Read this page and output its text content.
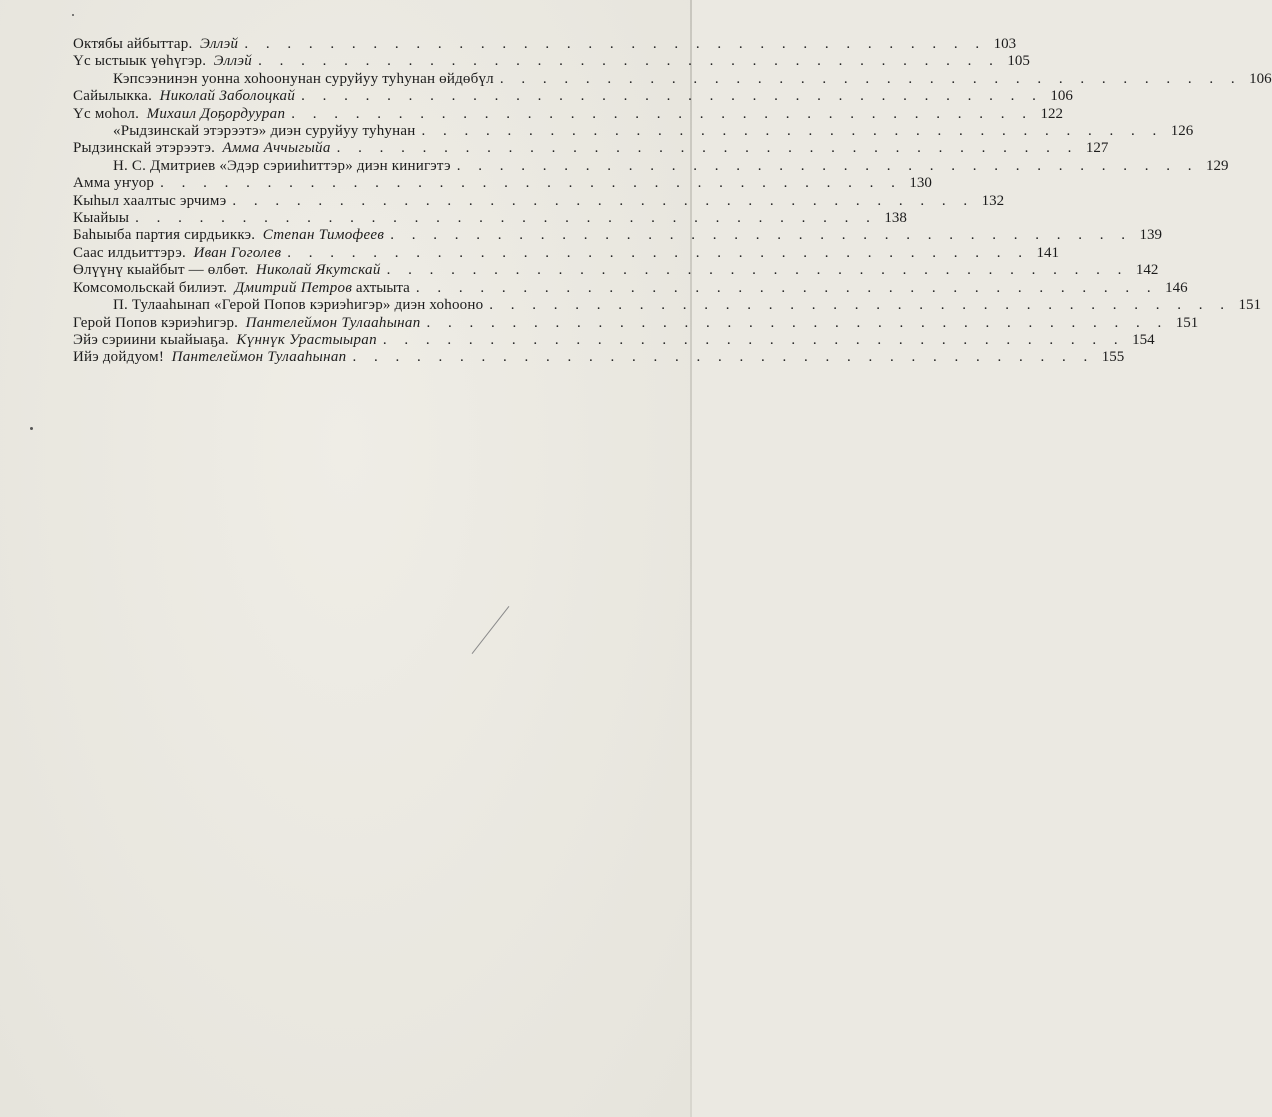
Октябы айбыттар. Эллэй . . . . . . . . . . . . . . . . . . . . . . . . . . . . . . . . . . . 103
Үс ыстыык үөһүгэр. Эллэй . . . . . . . . . . . . . . . . . . . . . . . . . . . . . . . . . . . 105
Кэпсээнинэн уонна хоһоонунан суруйуу туһунан өйдөбүл . . . . . . . . . . . . . . . . . . . . . . . . . . . . . . . . . . . 106
Сайылыкка. Николай Заболоцкай . . . . . . . . . . . . . . . . . . . . . . . . . . . . . . . . . . . 106
Үс моһол. Михаил Доҕордуурап . . . . . . . . . . . . . . . . . . . . . . . . . . . . . . . . . . . 122
«Рыдзинскай этэрээтэ» диэн суруйуу туһунан . . . . . . . . . . . . . . . . . . . . . . . . . . . . . . . . . . . 126
Рыдзинскай этэрээтэ. Амма Аччыгыйа . . . . . . . . . . . . . . . . . . . . . . . . . . . . . . . . . . . 127
Н. С. Дмитриев «Эдэр сэрииһиттэр» диэн кинигэтэ . . . . . . . . . . . . . . . . . . . . . . . . . . . . . . . . . . . 129
Амма уҥуор . . . . . . . . . . . . . . . . . . . . . . . . . . . . . . . . . . . 130
Кыһыл хаалтыс эрчимэ . . . . . . . . . . . . . . . . . . . . . . . . . . . . . . . . . . . 132
Кыайыы . . . . . . . . . . . . . . . . . . . . . . . . . . . . . . . . . . . 138
Баһыыба партия сирдьиккэ. Степан Тимофеев . . . . . . . . . . . . . . . . . . . . . . . . . . . . . . . . . . . 139
Саас илдьиттэрэ. Иван Гоголев . . . . . . . . . . . . . . . . . . . . . . . . . . . . . . . . . . . 141
Өлүүнү кыайбыт — өлбөт. Николай Якутскай . . . . . . . . . . . . . . . . . . . . . . . . . . . . . . . . . . . 142
Комсомольскай билиэт. Дмитрий Петров ахтыыта . . . . . . . . . . . . . . . . . . . . . . . . . . . . . . . . . . . 146
П. Тулааһынап «Герой Попов кэриэһигэр» диэн хоһооно . . . . . . . . . . . . . . . . . . . . . . . . . . . . . . . . . . . 151
Герой Попов кэриэһигэр. Пантелеймон Тулааһынап . . . . . . . . . . . . . . . . . . . . . . . . . . . . . . . . . . . 151
Эйэ сэриини кыайыаҕа. Күннүк Урастыырап . . . . . . . . . . . . . . . . . . . . . . . . . . . . . . . . . . . 154
Ийэ дойдуом! Пантелеймон Тулааһынап . . . . . . . . . . . . . . . . . . . . . . . . . . . . . . . . . . . 155
